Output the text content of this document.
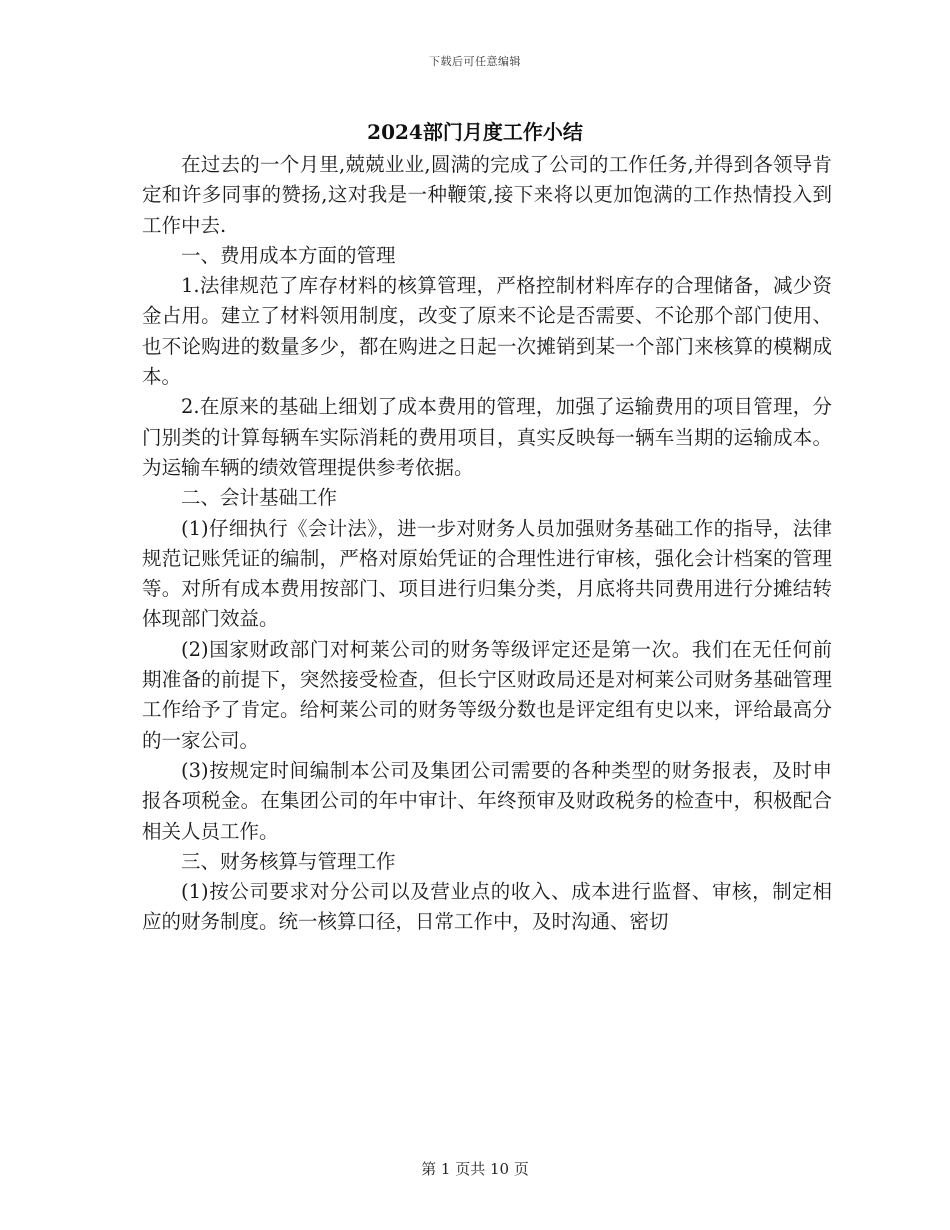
下载后可任意编辑
2024部门月度工作小结

在过去的一个月里,兢兢业业,圆满的完成了公司的工作任务,并得到各领导肯定和许多同事的赞扬,这对我是一种鞭策,接下来将以更加饱满的工作热情投入到工作中去.

一、费用成本方面的管理

1.法律规范了库存材料的核算管理，严格控制材料库存的合理储备，减少资金占用。建立了材料领用制度，改变了原来不论是否需要、不论那个部门使用、也不论购进的数量多少，都在购进之日起一次摊销到某一个部门来核算的模糊成本。

2.在原来的基础上细划了成本费用的管理，加强了运输费用的项目管理，分门别类的计算每辆车实际消耗的费用项目，真实反映每一辆车当期的运输成本。为运输车辆的绩效管理提供参考依据。

二、会计基础工作

(1)仔细执行《会计法》，进一步对财务人员加强财务基础工作的指导，法律规范记账凭证的编制，严格对原始凭证的合理性进行审核，强化会计档案的管理等。对所有成本费用按部门、项目进行归集分类，月底将共同费用进行分摊结转体现部门效益。

(2)国家财政部门对柯莱公司的财务等级评定还是第一次。我们在无任何前期准备的前提下，突然接受检查，但长宁区财政局还是对柯莱公司财务基础管理工作给予了肯定。给柯莱公司的财务等级分数也是评定组有史以来，评给最高分的一家公司。

(3)按规定时间编制本公司及集团公司需要的各种类型的财务报表，及时申报各项税金。在集团公司的年中审计、年终预审及财政税务的检查中，积极配合相关人员工作。

三、财务核算与管理工作

(1)按公司要求对分公司以及营业点的收入、成本进行监督、审核，制定相应的财务制度。统一核算口径，日常工作中，及时沟通、密切

第 1 页共 10 页
